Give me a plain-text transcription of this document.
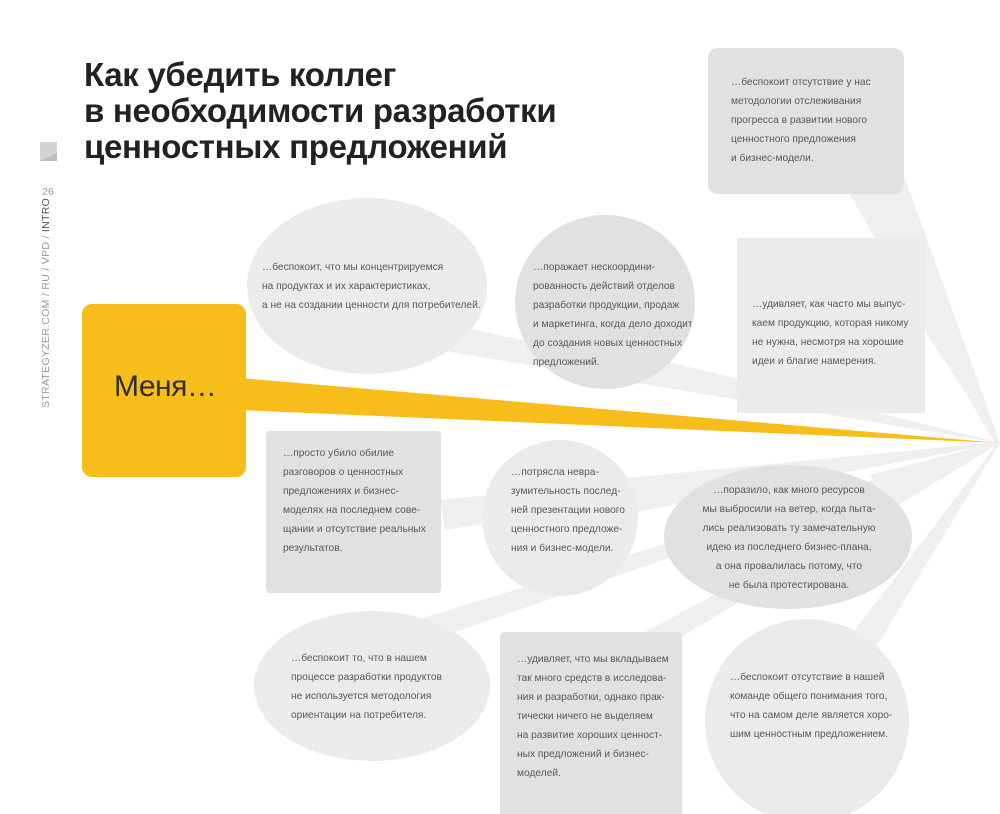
Меня…
Как убедить коллег
в необходимости разработки
ценностных предложений
26
STRATEGYZER.COM / RU / VPD / INTRO
…беспокоит отсутствие у нас
методологии отслеживания
прогресса в развитии нового
ценностного предложения
и бизнес-модели.
…беспокоит, что мы концентрируемся
на продуктах и их характеристиках,
а не на создании ценности для потребителей.
…поражает нескоордини-
рованность действий отделов
разработки продукции, продаж
и маркетинга, когда дело доходит
до создания новых ценностных
предложений.
…удивляет, как часто мы выпус-
каем продукцию, которая никому
не нужна, несмотря на хорошие
идеи и благие намерения.
…просто убило обилие
разговоров о ценностных
предложениях и бизнес-
моделях на последнем сове-
щании и отсутствие реальных
результатов.
…потрясла невра-
зумительность послед-
ней презентации нового
ценностного предложе-
ния и бизнес-модели.
…поразило, как много ресурсов
мы выбросили на ветер, когда пыта-
лись реализовать ту замечательную
идею из последнего бизнес-плана,
а она провалилась потому, что
не была протестирована.
…беспокоит то, что в нашем
процессе разработки продуктов
не используется методология
ориентации на потребителя.
…удивляет, что мы вкладываем
так много средств в исследова-
ния и разработки, однако прак-
тически ничего не выделяем
на развитие хороших ценност-
ных предложений и бизнес-
моделей.
…беспокоит отсутствие в нашей
команде общего понимания того,
что на самом деле является хоро-
шим ценностным предложением.
